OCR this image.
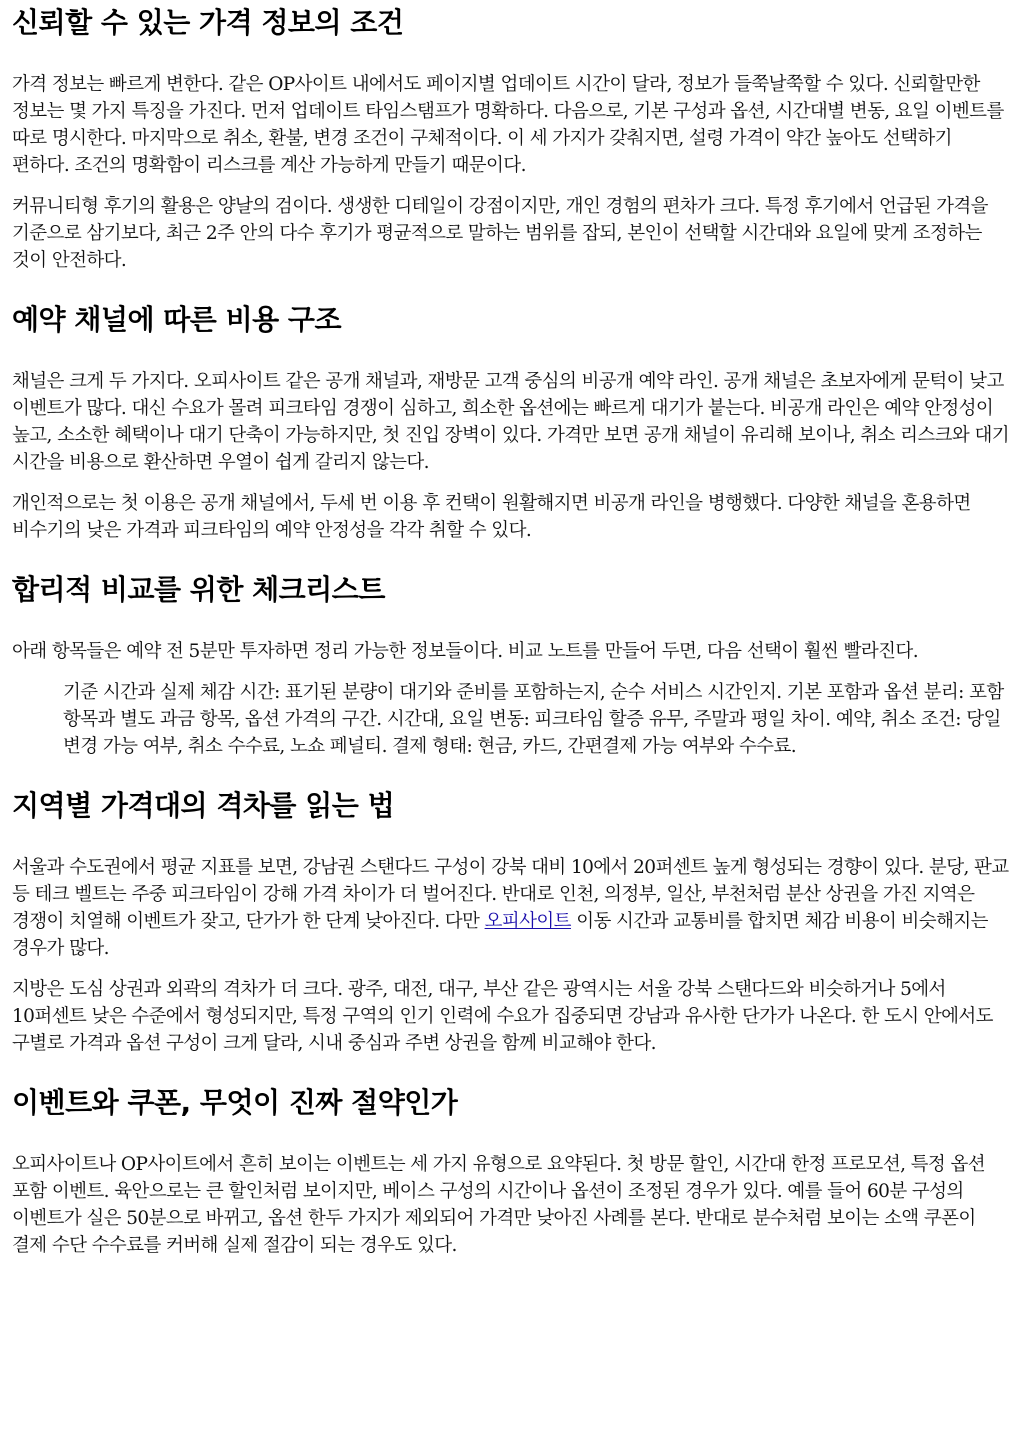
신뢰할 수 있는 가격 정보의 조건

가격 정보는 빠르게 변한다. 같은 OP사이트 내에서도 페이지별 업데이트 시간이 달라, 정보가 들쭉날쭉할 수 있다. 신뢰할만한 정보는 몇 가지 특징을 가진다. 먼저 업데이트 타임스탬프가 명확하다. 다음으로, 기본 구성과 옵션, 시간대별 변동, 요일 이벤트를 따로 명시한다. 마지막으로 취소, 환불, 변경 조건이 구체적이다. 이 세 가지가 갖춰지면, 설령 가격이 약간 높아도 선택하기 편하다. 조건의 명확함이 리스크를 계산 가능하게 만들기 때문이다.

커뮤니티형 후기의 활용은 양날의 검이다. 생생한 디테일이 강점이지만, 개인 경험의 편차가 크다. 특정 후기에서 언급된 가격을 기준으로 삼기보다, 최근 2주 안의 다수 후기가 평균적으로 말하는 범위를 잡되, 본인이 선택할 시간대와 요일에 맞게 조정하는 것이 안전하다.

예약 채널에 따른 비용 구조

채널은 크게 두 가지다. 오피사이트 같은 공개 채널과, 재방문 고객 중심의 비공개 예약 라인. 공개 채널은 초보자에게 문턱이 낮고 이벤트가 많다. 대신 수요가 몰려 피크타임 경쟁이 심하고, 희소한 옵션에는 빠르게 대기가 붙는다. 비공개 라인은 예약 안정성이 높고, 소소한 혜택이나 대기 단축이 가능하지만, 첫 진입 장벽이 있다. 가격만 보면 공개 채널이 유리해 보이나, 취소 리스크와 대기 시간을 비용으로 환산하면 우열이 쉽게 갈리지 않는다.

개인적으로는 첫 이용은 공개 채널에서, 두세 번 이용 후 컨택이 원활해지면 비공개 라인을 병행했다. 다양한 채널을 혼용하면 비수기의 낮은 가격과 피크타임의 예약 안정성을 각각 취할 수 있다.

합리적 비교를 위한 체크리스트

아래 항목들은 예약 전 5분만 투자하면 정리 가능한 정보들이다. 비교 노트를 만들어 두면, 다음 선택이 훨씬 빨라진다.

기준 시간과 실제 체감 시간: 표기된 분량이 대기와 준비를 포함하는지, 순수 서비스 시간인지. 기본 포함과 옵션 분리: 포함 항목과 별도 과금 항목, 옵션 가격의 구간. 시간대, 요일 변동: 피크타임 할증 유무, 주말과 평일 차이. 예약, 취소 조건: 당일 변경 가능 여부, 취소 수수료, 노쇼 페널티. 결제 형태: 현금, 카드, 간편결제 가능 여부와 수수료.
지역별 가격대의 격차를 읽는 법

서울과 수도권에서 평균 지표를 보면, 강남권 스탠다드 구성이 강북 대비 10에서 20퍼센트 높게 형성되는 경향이 있다. 분당, 판교 등 테크 벨트는 주중 피크타임이 강해 가격 차이가 더 벌어진다. 반대로 인천, 의정부, 일산, 부천처럼 분산 상권을 가진 지역은 경쟁이 치열해 이벤트가 잦고, 단가가 한 단계 낮아진다. 다만 오피사이트 이동 시간과 교통비를 합치면 체감 비용이 비슷해지는 경우가 많다.

지방은 도심 상권과 외곽의 격차가 더 크다. 광주, 대전, 대구, 부산 같은 광역시는 서울 강북 스탠다드와 비슷하거나 5에서 10퍼센트 낮은 수준에서 형성되지만, 특정 구역의 인기 인력에 수요가 집중되면 강남과 유사한 단가가 나온다. 한 도시 안에서도 구별로 가격과 옵션 구성이 크게 달라, 시내 중심과 주변 상권을 함께 비교해야 한다.

이벤트와 쿠폰, 무엇이 진짜 절약인가

오피사이트나 OP사이트에서 흔히 보이는 이벤트는 세 가지 유형으로 요약된다. 첫 방문 할인, 시간대 한정 프로모션, 특정 옵션 포함 이벤트. 육안으로는 큰 할인처럼 보이지만, 베이스 구성의 시간이나 옵션이 조정된 경우가 있다. 예를 들어 60분 구성의 이벤트가 실은 50분으로 바뀌고, 옵션 한두 가지가 제외되어 가격만 낮아진 사례를 본다. 반대로 분수처럼 보이는 소액 쿠폰이 결제 수단 수수료를 커버해 실제 절감이 되는 경우도 있다.
